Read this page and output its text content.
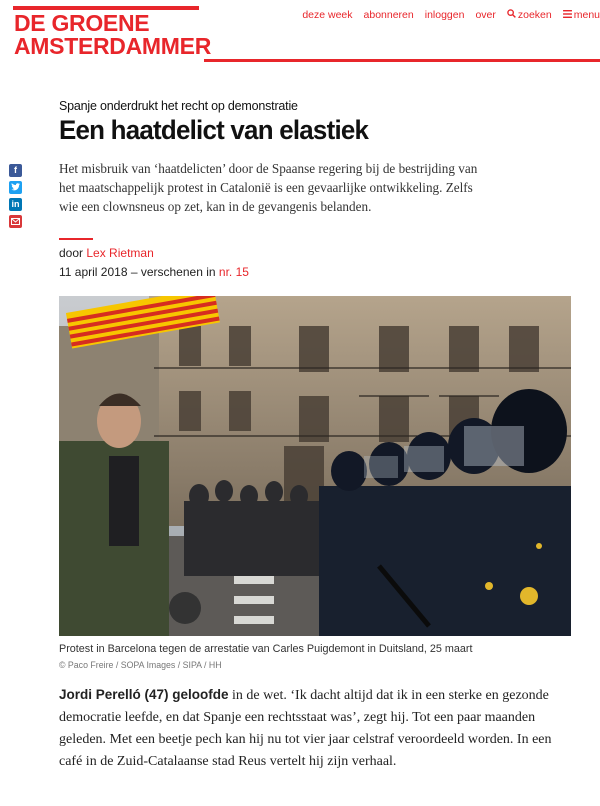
DE GROENE
AMSTERDAMMER
deze week abonneren inloggen over	zoeken	menu
f
in
Spanje onderdrukt het recht op demonstratie
Een haatdelict van elastiek

Het misbruik van ‘haatdelicten’ door de Spaanse regering bij de bestrijding van het maatschappelijk protest in Catalonië is een gevaarlijke ontwikkeling. Zelfs wie een clownsneus op zet, kan in de gevangenis belanden.

door Lex Rietman
11 april 2018 – verschenen in nr. 15
Protest in Barcelona tegen de arrestatie van Carles Puigdemont in Duitsland, 25 maart
© Paco Freire / SOPA Images / SIPA / HH
Jordi Perelló (47) geloofde in de wet. ‘Ik dacht altijd dat ik in een sterke en gezonde democratie leefde, en dat Spanje een rechtsstaat was’, zegt hij. Tot een paar maanden geleden. Met een beetje pech kan hij nu tot vier jaar celstraf veroordeeld worden. In een café in de Zuid-Catalaanse stad Reus vertelt hij zijn verhaal.
